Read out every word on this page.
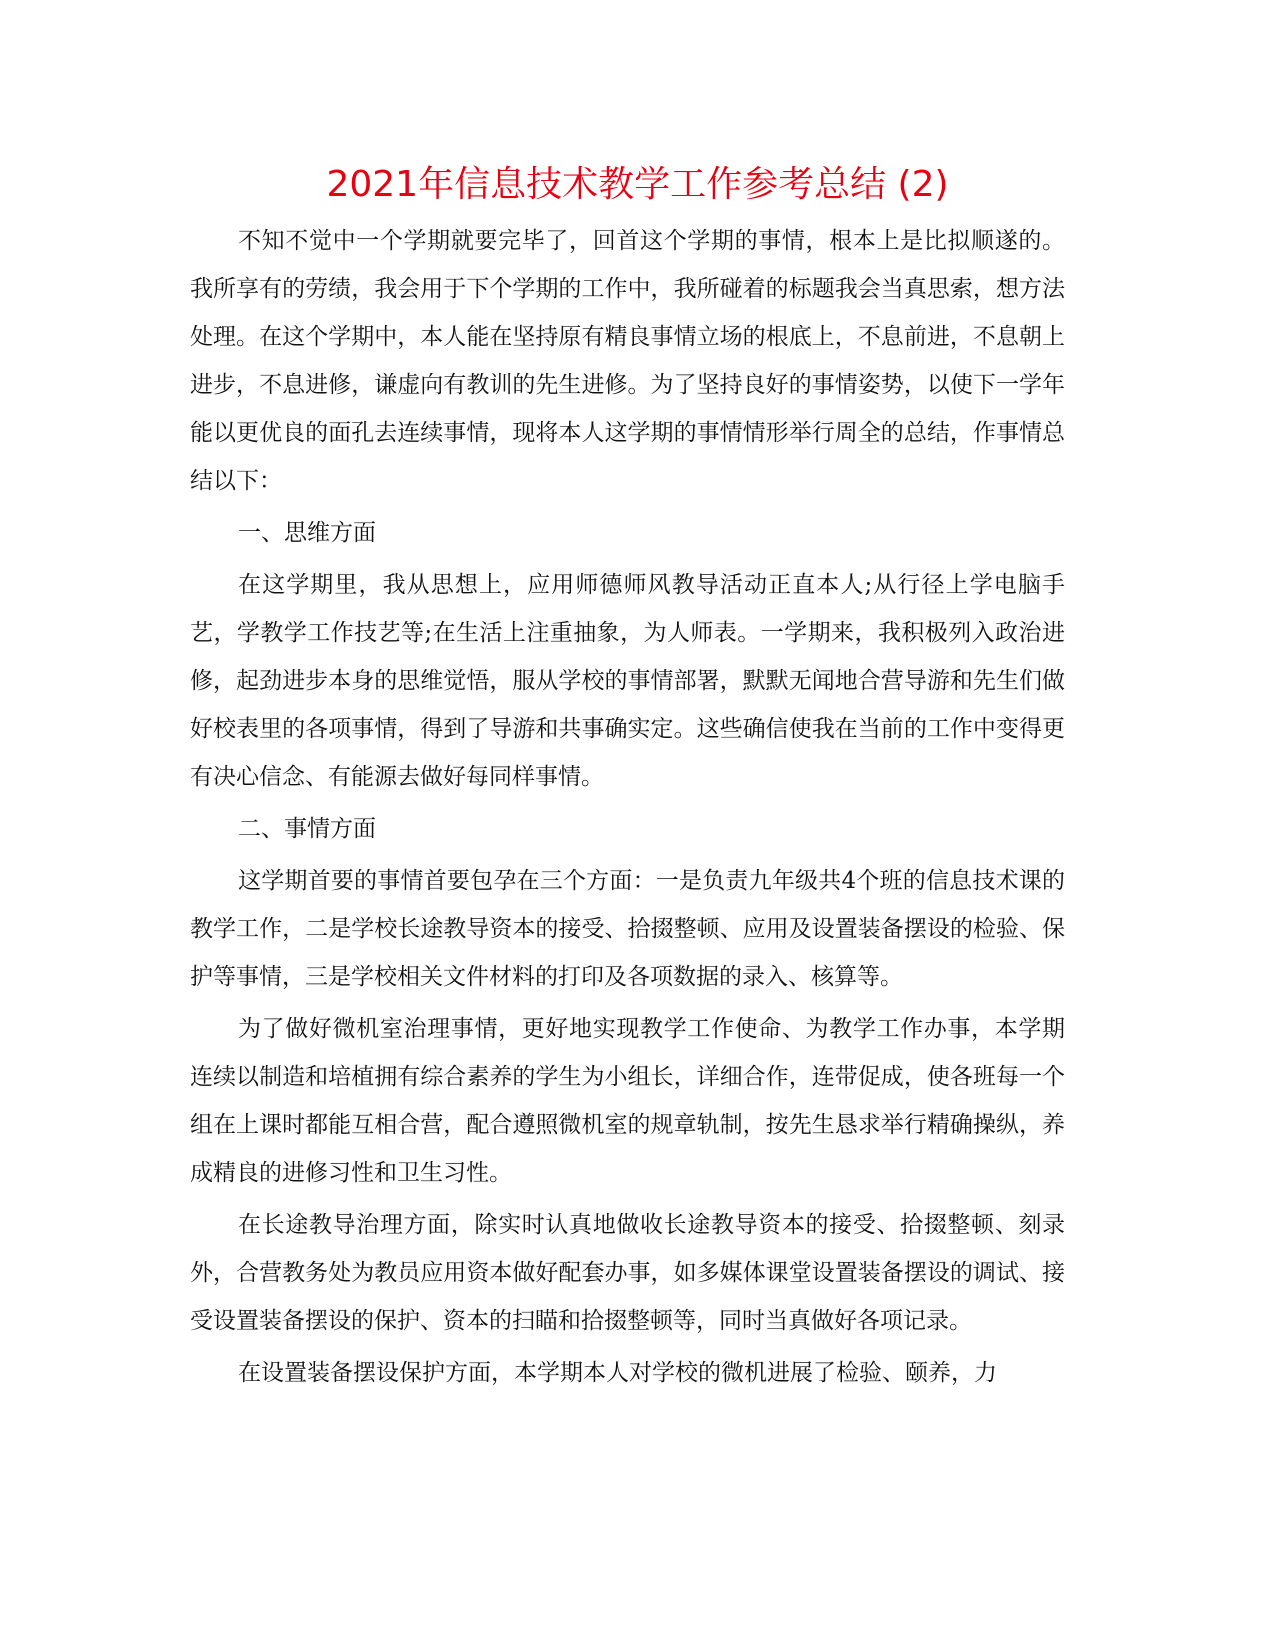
2021年信息技术教学工作参考总结 (2)

不知不觉中一个学期就要完毕了，回首这个学期的事情，根本上是比拟顺遂的。我所享有的劳绩，我会用于下个学期的工作中，我所碰着的标题我会当真思索，想方法处理。在这个学期中，本人能在坚持原有精良事情立场的根底上，不息前进，不息朝上进步，不息进修，谦虚向有教训的先生进修。为了坚持良好的事情姿势，以使下一学年能以更优良的面孔去连续事情，现将本人这学期的事情情形举行周全的总结，作事情总结以下：

一、思维方面

在这学期里，我从思想上，应用师德师风教导活动正直本人;从行径上学电脑手艺，学教学工作技艺等;在生活上注重抽象，为人师表。一学期来，我积极列入政治进修，起劲进步本身的思维觉悟，服从学校的事情部署，默默无闻地合营导游和先生们做好校表里的各项事情，得到了导游和共事确实定。这些确信使我在当前的工作中变得更有决心信念、有能源去做好每同样事情。

二、事情方面

这学期首要的事情首要包孕在三个方面：一是负责九年级共4个班的信息技术课的教学工作，二是学校长途教导资本的接受、拾掇整顿、应用及设置装备摆设的检验、保护等事情，三是学校相关文件材料的打印及各项数据的录入、核算等。

为了做好微机室治理事情，更好地实现教学工作使命、为教学工作办事，本学期连续以制造和培植拥有综合素养的学生为小组长，详细合作，连带促成，使各班每一个组在上课时都能互相合营，配合遵照微机室的规章轨制，按先生恳求举行精确操纵，养成精良的进修习性和卫生习性。

在长途教导治理方面，除实时认真地做收长途教导资本的接受、拾掇整顿、刻录外，合营教务处为教员应用资本做好配套办事，如多媒体课堂设置装备摆设的调试、接受设置装备摆设的保护、资本的扫瞄和拾掇整顿等，同时当真做好各项记录。

在设置装备摆设保护方面，本学期本人对学校的微机进展了检验、颐养，力
